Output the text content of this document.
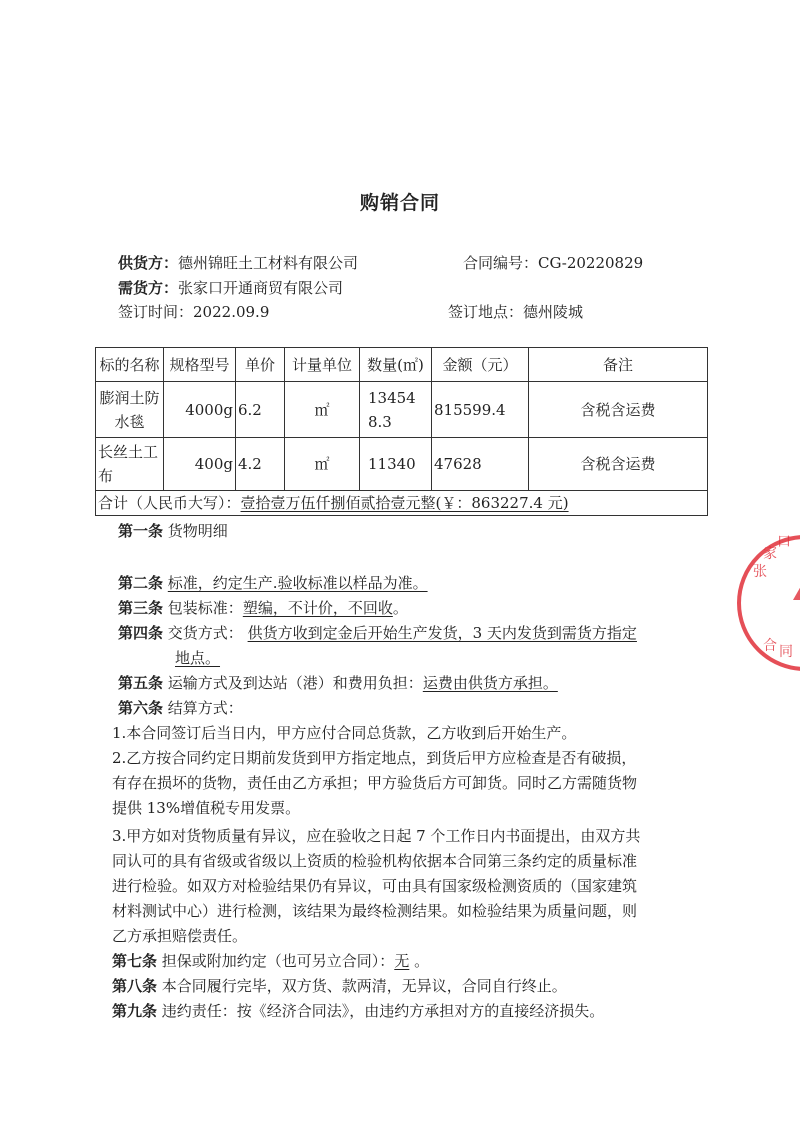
购销合同
供货方：德州锦旺土工材料有限公司	合同编号：CG-20220829
需货方：张家口开通商贸有限公司
签订时间：2022.09.9	签订地点：德州陵城
标的名称	规格型号	单价	计量单位	数量(㎡)	金额（元）	备注
膨润土防水毯	4000g	6.2	㎡	134548.3	815599.4	含税含运费
长丝土工布	400g	4.2	㎡	11340	47628	含税含运费
合计（人民币大写）：壹拾壹万伍仟捌佰贰拾壹元整(￥：863227.4 元)						
第一条 货物明细
第二条 标准，约定生产.验收标准以样品为准。
第三条 包装标准：塑编，不计价，不回收。
第四条 交货方式： 供货方收到定金后开始生产发货，3 天内发货到需货方指定
地点。
第五条 运输方式及到达站（港）和费用负担：运费由供货方承担。
第六条 结算方式：
1.本合同签订后当日内，甲方应付合同总货款，乙方收到后开始生产。
2.乙方按合同约定日期前发货到甲方指定地点，到货后甲方应检查是否有破损，
有存在损坏的货物，责任由乙方承担；甲方验货后方可卸货。同时乙方需随货物
提供 13%增值税专用发票。
3.甲方如对货物质量有异议，应在验收之日起 7 个工作日内书面提出，由双方共
同认可的具有省级或省级以上资质的检验机构依据本合同第三条约定的质量标准
进行检验。如双方对检验结果仍有异议，可由具有国家级检测资质的（国家建筑
材料测试中心）进行检测，该结果为最终检测结果。如检验结果为质量问题，则
乙方承担赔偿责任。
第七条 担保或附加约定（也可另立合同）：无 。
第八条 本合同履行完毕，双方货、款两清，无异议，合同自行终止。
第九条 违约责任：按《经济合同法》，由违约方承担对方的直接经济损失。
张
家
口
合 同
